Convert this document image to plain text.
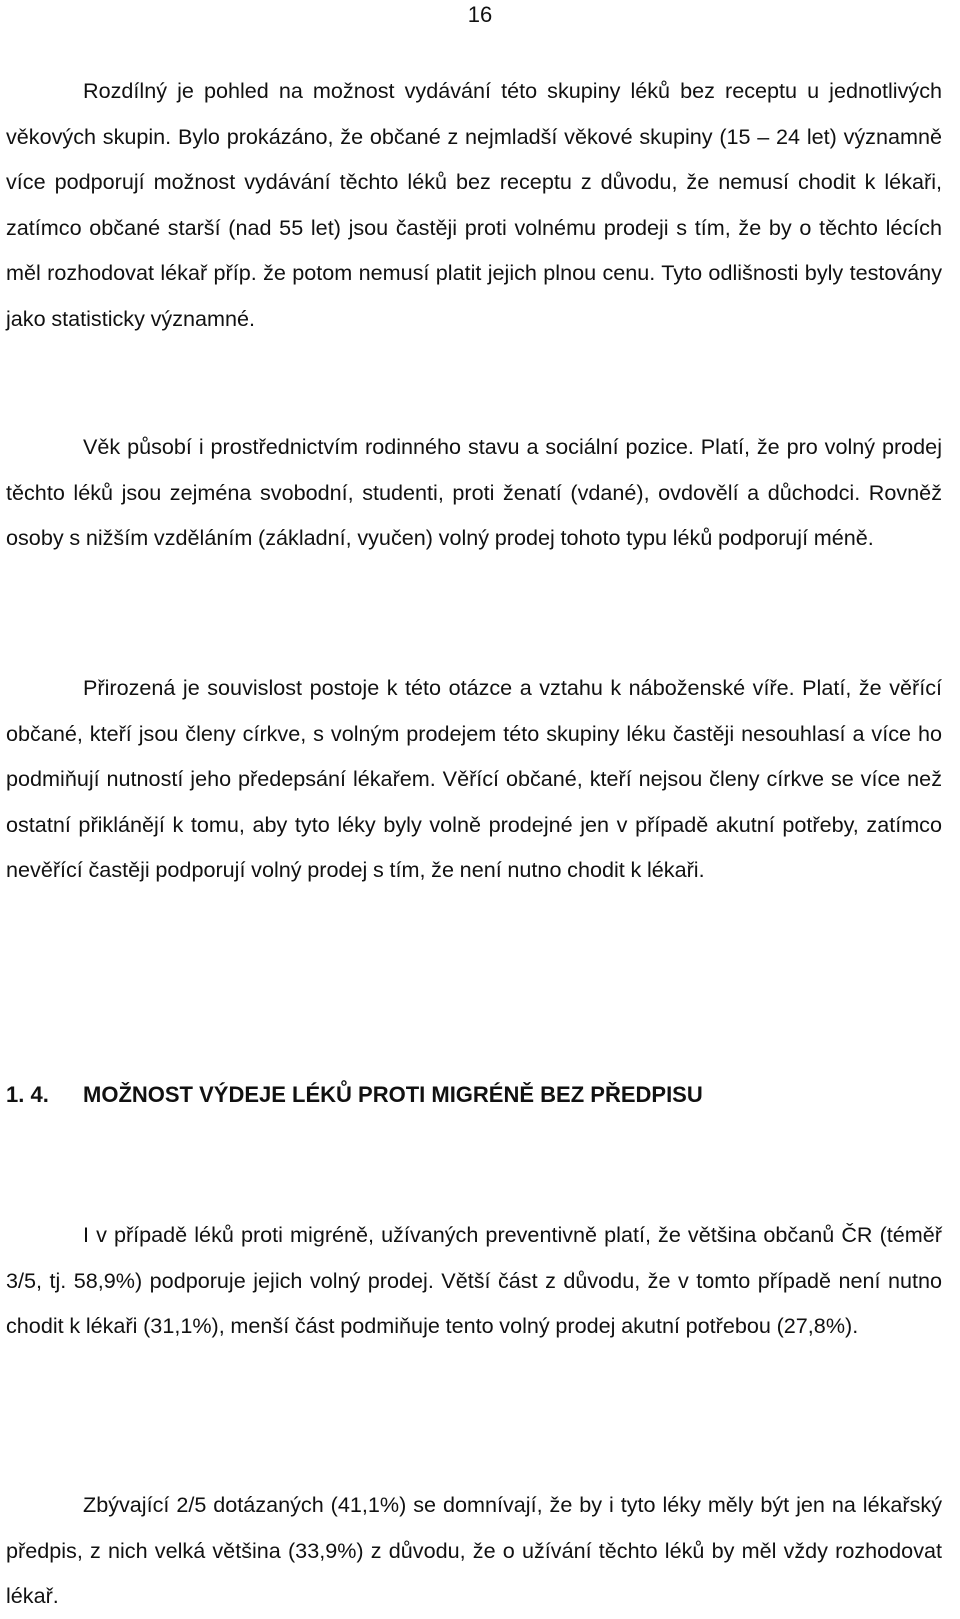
16

Rozdílný je pohled na možnost vydávání této skupiny léků bez receptu u jednotlivých věkových skupin. Bylo prokázáno, že občané z nejmladší věkové skupiny (15 – 24 let) významně více podporují možnost vydávání těchto léků bez receptu z důvodu, že nemusí chodit k lékaři, zatímco občané starší (nad 55 let) jsou častěji proti volnému prodeji s tím, že by o těchto lécích měl rozhodovat lékař příp. že potom nemusí platit jejich plnou cenu. Tyto odlišnosti byly testovány jako statisticky významné.

Věk působí i prostřednictvím rodinného stavu a sociální pozice. Platí, že pro volný prodej těchto léků jsou zejména svobodní, studenti, proti ženatí (vdané), ovdovělí a důchodci. Rovněž osoby s nižším vzděláním (základní, vyučen) volný prodej tohoto typu léků podporují méně.

Přirozená je souvislost postoje k této otázce a vztahu k náboženské víře. Platí, že věřící občané, kteří jsou členy církve, s volným prodejem této skupiny léku častěji nesouhlasí a více ho podmiňují nutností jeho předepsání lékařem. Věřící občané, kteří nejsou členy církve se více než ostatní přiklánějí k tomu, aby tyto léky byly volně prodejné jen v případě akutní potřeby, zatímco nevěřící častěji podporují volný prodej s tím, že není nutno chodit k lékaři.

1. 4. MOŽNOST VÝDEJE LÉKŮ PROTI MIGRÉNĚ BEZ PŘEDPISU

I v případě léků proti migréně, užívaných preventivně platí, že většina občanů ČR (téměř 3/5, tj. 58,9%) podporuje jejich volný prodej. Větší část z důvodu, že v tomto případě není nutno chodit k lékaři (31,1%), menší část podmiňuje tento volný prodej akutní potřebou (27,8%).

Zbývající 2/5 dotázaných (41,1%) se domnívají, že by i tyto léky měly být jen na lékařský předpis, z nich velká většina (33,9%) z důvodu, že o užívání těchto léků by měl vždy rozhodovat lékař.
